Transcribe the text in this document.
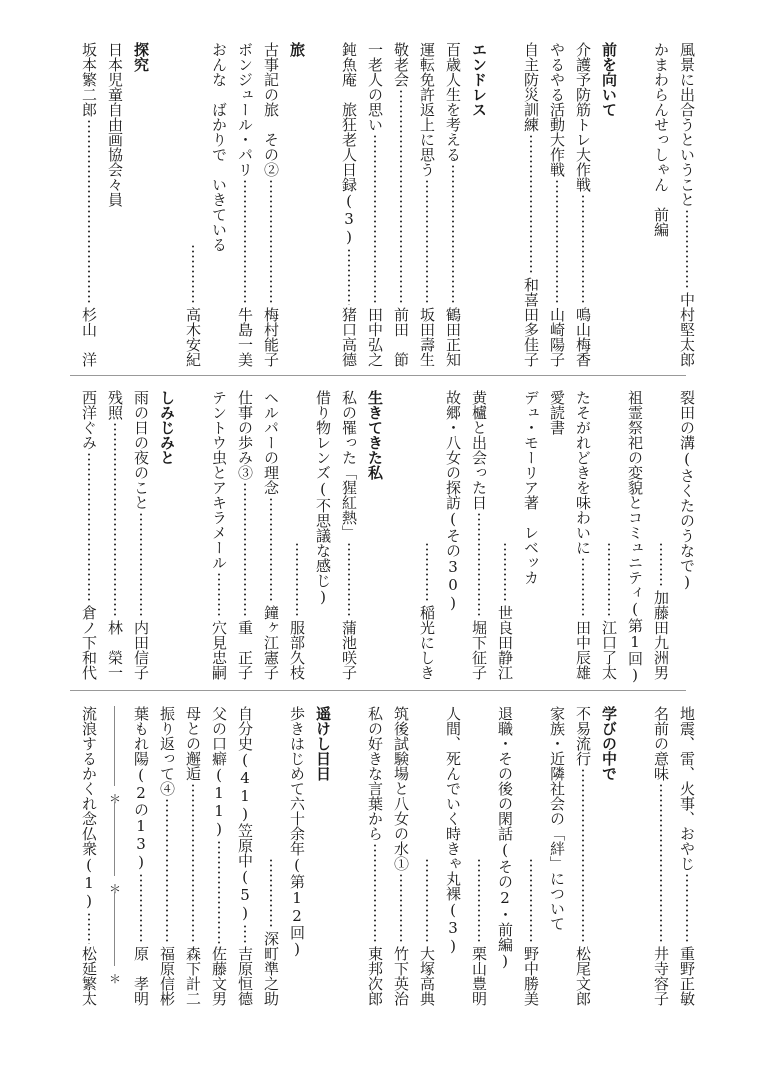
風景に出合うということ
中村堅太郎
かまわらんせっしゃん　前編
前を向いて
介護予防筋トレ大作戦
鳴山梅香
やるやる活動大作戦
山崎陽子
自主防災訓練
和喜田多佳子
エンドレス
百歳人生を考える
鶴田正知
運転免許返上に思う
坂田壽生
敬老会
前田　節
一老人の思い
田中弘之
鈍魚庵　旅狂老人日録(3)
猪口高德
旅
古事記の旅　その②
梅村能子
ボンジュール・パリ
牛島一美
おんな　ばかりで　いきている
高木安紀
探究
日本児童自由画協会々員
坂本繁二郎
杉山　洋
裂田の溝(さくたのうなで)
加藤田九洲男
祖霊祭祀の変貌とコミュニティ(第1回)
江口了太
たそがれどきを味わいに
田中辰雄
愛読書
デュ・モーリア著　レベッカ
世良田静江
黄櫨と出会った日
堀下征子
故郷・八女の探訪(その30)
稲光にしき
生きてきた私
私の罹った「猩紅熱」
蒲池咲子
借り物レンズ(不思議な感じ)
服部久枝
ヘルパーの理念
鐘ヶ江憲子
仕事の歩み③
重　正子
テントウ虫とアキラメール
穴見忠嗣
しみじみと
雨の日の夜のこと
内田信子
残照
林　榮一
西洋ぐみ
倉ノ下和代
地震、雷、火事、おやじ
重野正敏
名前の意味
井寺容子
学びの中で
不易流行
松尾文郎
家族・近隣社会の「絆」について
野中勝美
退職・その後の閑話(その2・前編)
栗山豊明
人間、死んでいく時きゃ丸裸(3)
大塚高典
筑後試験場と八女の水①
竹下英治
私の好きな言葉から
東邦次郎
遥けし日日
歩きはじめて六十余年(第12回)
深町準之助
自分史(41)笠原中(5)
吉原恒德
父の口癖(11)
佐藤文男
母との邂逅
森下計二
振り返って④
福原信彬
葉もれ陽(2の13)
原　孝明
＊
＊
＊
流浪するかくれ念仏衆(1)
松延繁太
